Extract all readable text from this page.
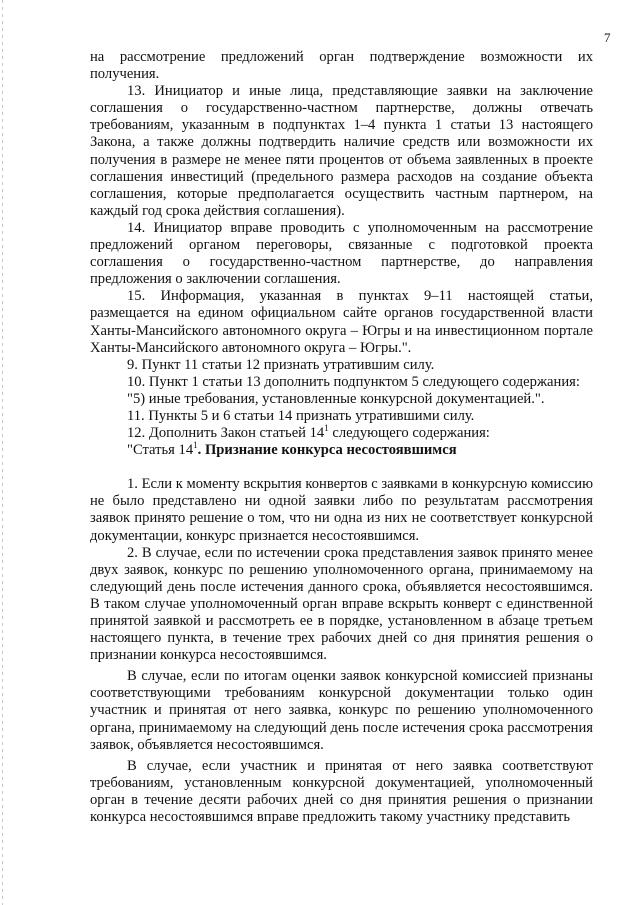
7

на рассмотрение предложений орган подтверждение возможности их получения.

13. Инициатор и иные лица, представляющие заявки на заключение соглашения о государственно-частном партнерстве, должны отвечать требованиям, указанным в подпунктах 1–4 пункта 1 статьи 13 настоящего Закона, а также должны подтвердить наличие средств или возможности их получения в размере не менее пяти процентов от объема заявленных в проекте соглашения инвестиций (предельного размера расходов на создание объекта соглашения, которые предполагается осуществить частным партнером, на каждый год срока действия соглашения).

14. Инициатор вправе проводить с уполномоченным на рассмотрение предложений органом переговоры, связанные с подготовкой проекта соглашения о государственно-частном партнерстве, до направления предложения о заключении соглашения.

15. Информация, указанная в пунктах 9–11 настоящей статьи, размещается на едином официальном сайте органов государственной власти Ханты-Мансийского автономного округа – Югры и на инвестиционном портале Ханты-Мансийского автономного округа – Югры.".

9. Пункт 11 статьи 12 признать утратившим силу.

10. Пункт 1 статьи 13 дополнить подпунктом 5 следующего содержания:

"5) иные требования, установленные конкурсной документацией.".

11. Пункты 5 и 6 статьи 14 признать утратившими силу.

12. Дополнить Закон статьей $14^1$ следующего содержания:

"Статья $14^1$. Признание конкурса несостоявшимся

1. Если к моменту вскрытия конвертов с заявками в конкурсную комиссию не было представлено ни одной заявки либо по результатам рассмотрения заявок принято решение о том, что ни одна из них не соответствует конкурсной документации, конкурс признается несостоявшимся.

2. В случае, если по истечении срока представления заявок принято менее двух заявок, конкурс по решению уполномоченного органа, принимаемому на следующий день после истечения данного срока, объявляется несостоявшимся. В таком случае уполномоченный орган вправе вскрыть конверт с единственной принятой заявкой и рассмотреть ее в порядке, установленном в абзаце третьем настоящего пункта, в течение трех рабочих дней со дня принятия решения о признании конкурса несостоявшимся.

В случае, если по итогам оценки заявок конкурсной комиссией признаны соответствующими требованиям конкурсной документации только один участник и принятая от него заявка, конкурс по решению уполномоченного органа, принимаемому на следующий день после истечения срока рассмотрения заявок, объявляется несостоявшимся.

В случае, если участник и принятая от него заявка соответствуют требованиям, установленным конкурсной документацией, уполномоченный орган в течение десяти рабочих дней со дня принятия решения о признании конкурса несостоявшимся вправе предложить такому участнику представить
